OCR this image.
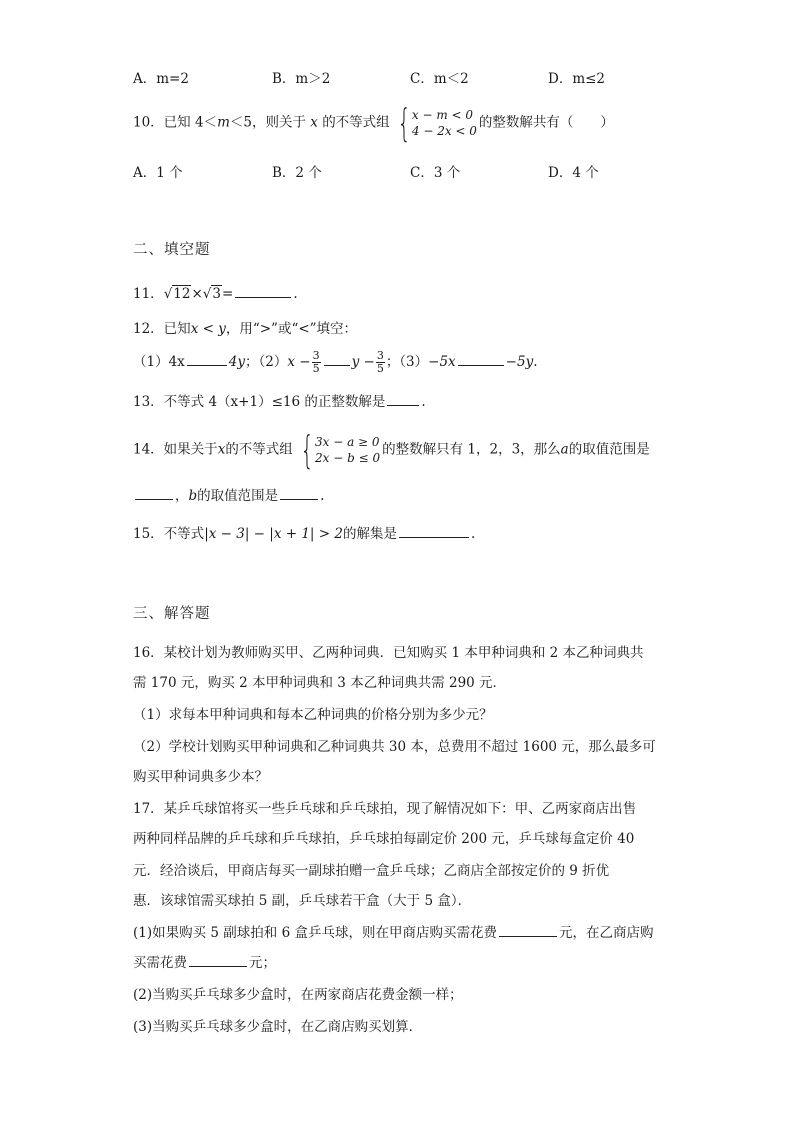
A．m=2	B．m＞2	C．m＜2	D．m≤2
10．已知 4＜m＜5，则关于 x 的不等式组 { x − m < 0
4 − 2x < 0
的整数解共有（　　）
A．1 个	B．2 个	C．3 个	D．4 个
二、填空题
11．√12×√3=	.
12．已知x < y，用“>”或“<”填空：
（1）4x	4y；$(2)x - \frac{3}{5}$ $y - \frac{3}{5}$ ；（3）−5x	−5y.
13．不等式 4（x+1）≤16 的正整数解是	.
14．如果关于x的不等式组 { 3x − a ≥ 0
2x − b ≤ 0
的整数解只有 1，2，3，那么a的取值范围是
，b的取值范围是	.
15．不等式|x − 3| − |x + 1| > 2的解集是	.
三、解答题
16．某校计划为教师购买甲、乙两种词典．已知购买 1 本甲种词典和 2 本乙种词典共
需 170 元，购买 2 本甲种词典和 3 本乙种词典共需 290 元．
（1）求每本甲种词典和每本乙种词典的价格分别为多少元？
（2）学校计划购买甲种词典和乙种词典共 30 本，总费用不超过 1600 元，那么最多可
购买甲种词典多少本？
17．某乒乓球馆将买一些乒乓球和乒乓球拍，现了解情况如下：甲、乙两家商店出售
两种同样品牌的乒乓球和乒乓球拍，乒乓球拍每副定价 200 元，乒乓球每盒定价 40
元．经洽谈后，甲商店每买一副球拍赠一盒乒乓球；乙商店全部按定价的 9 折优
惠．该球馆需买球拍 5 副，乒乓球若干盒（大于 5 盒）．
(1)如果购买 5 副球拍和 6 盒乒乓球，则在甲商店购买需花费	元，在乙商店购
买需花费	元；
(2)当购买乒乓球多少盒时，在两家商店花费金额一样；
(3)当购买乒乓球多少盒时，在乙商店购买划算．
